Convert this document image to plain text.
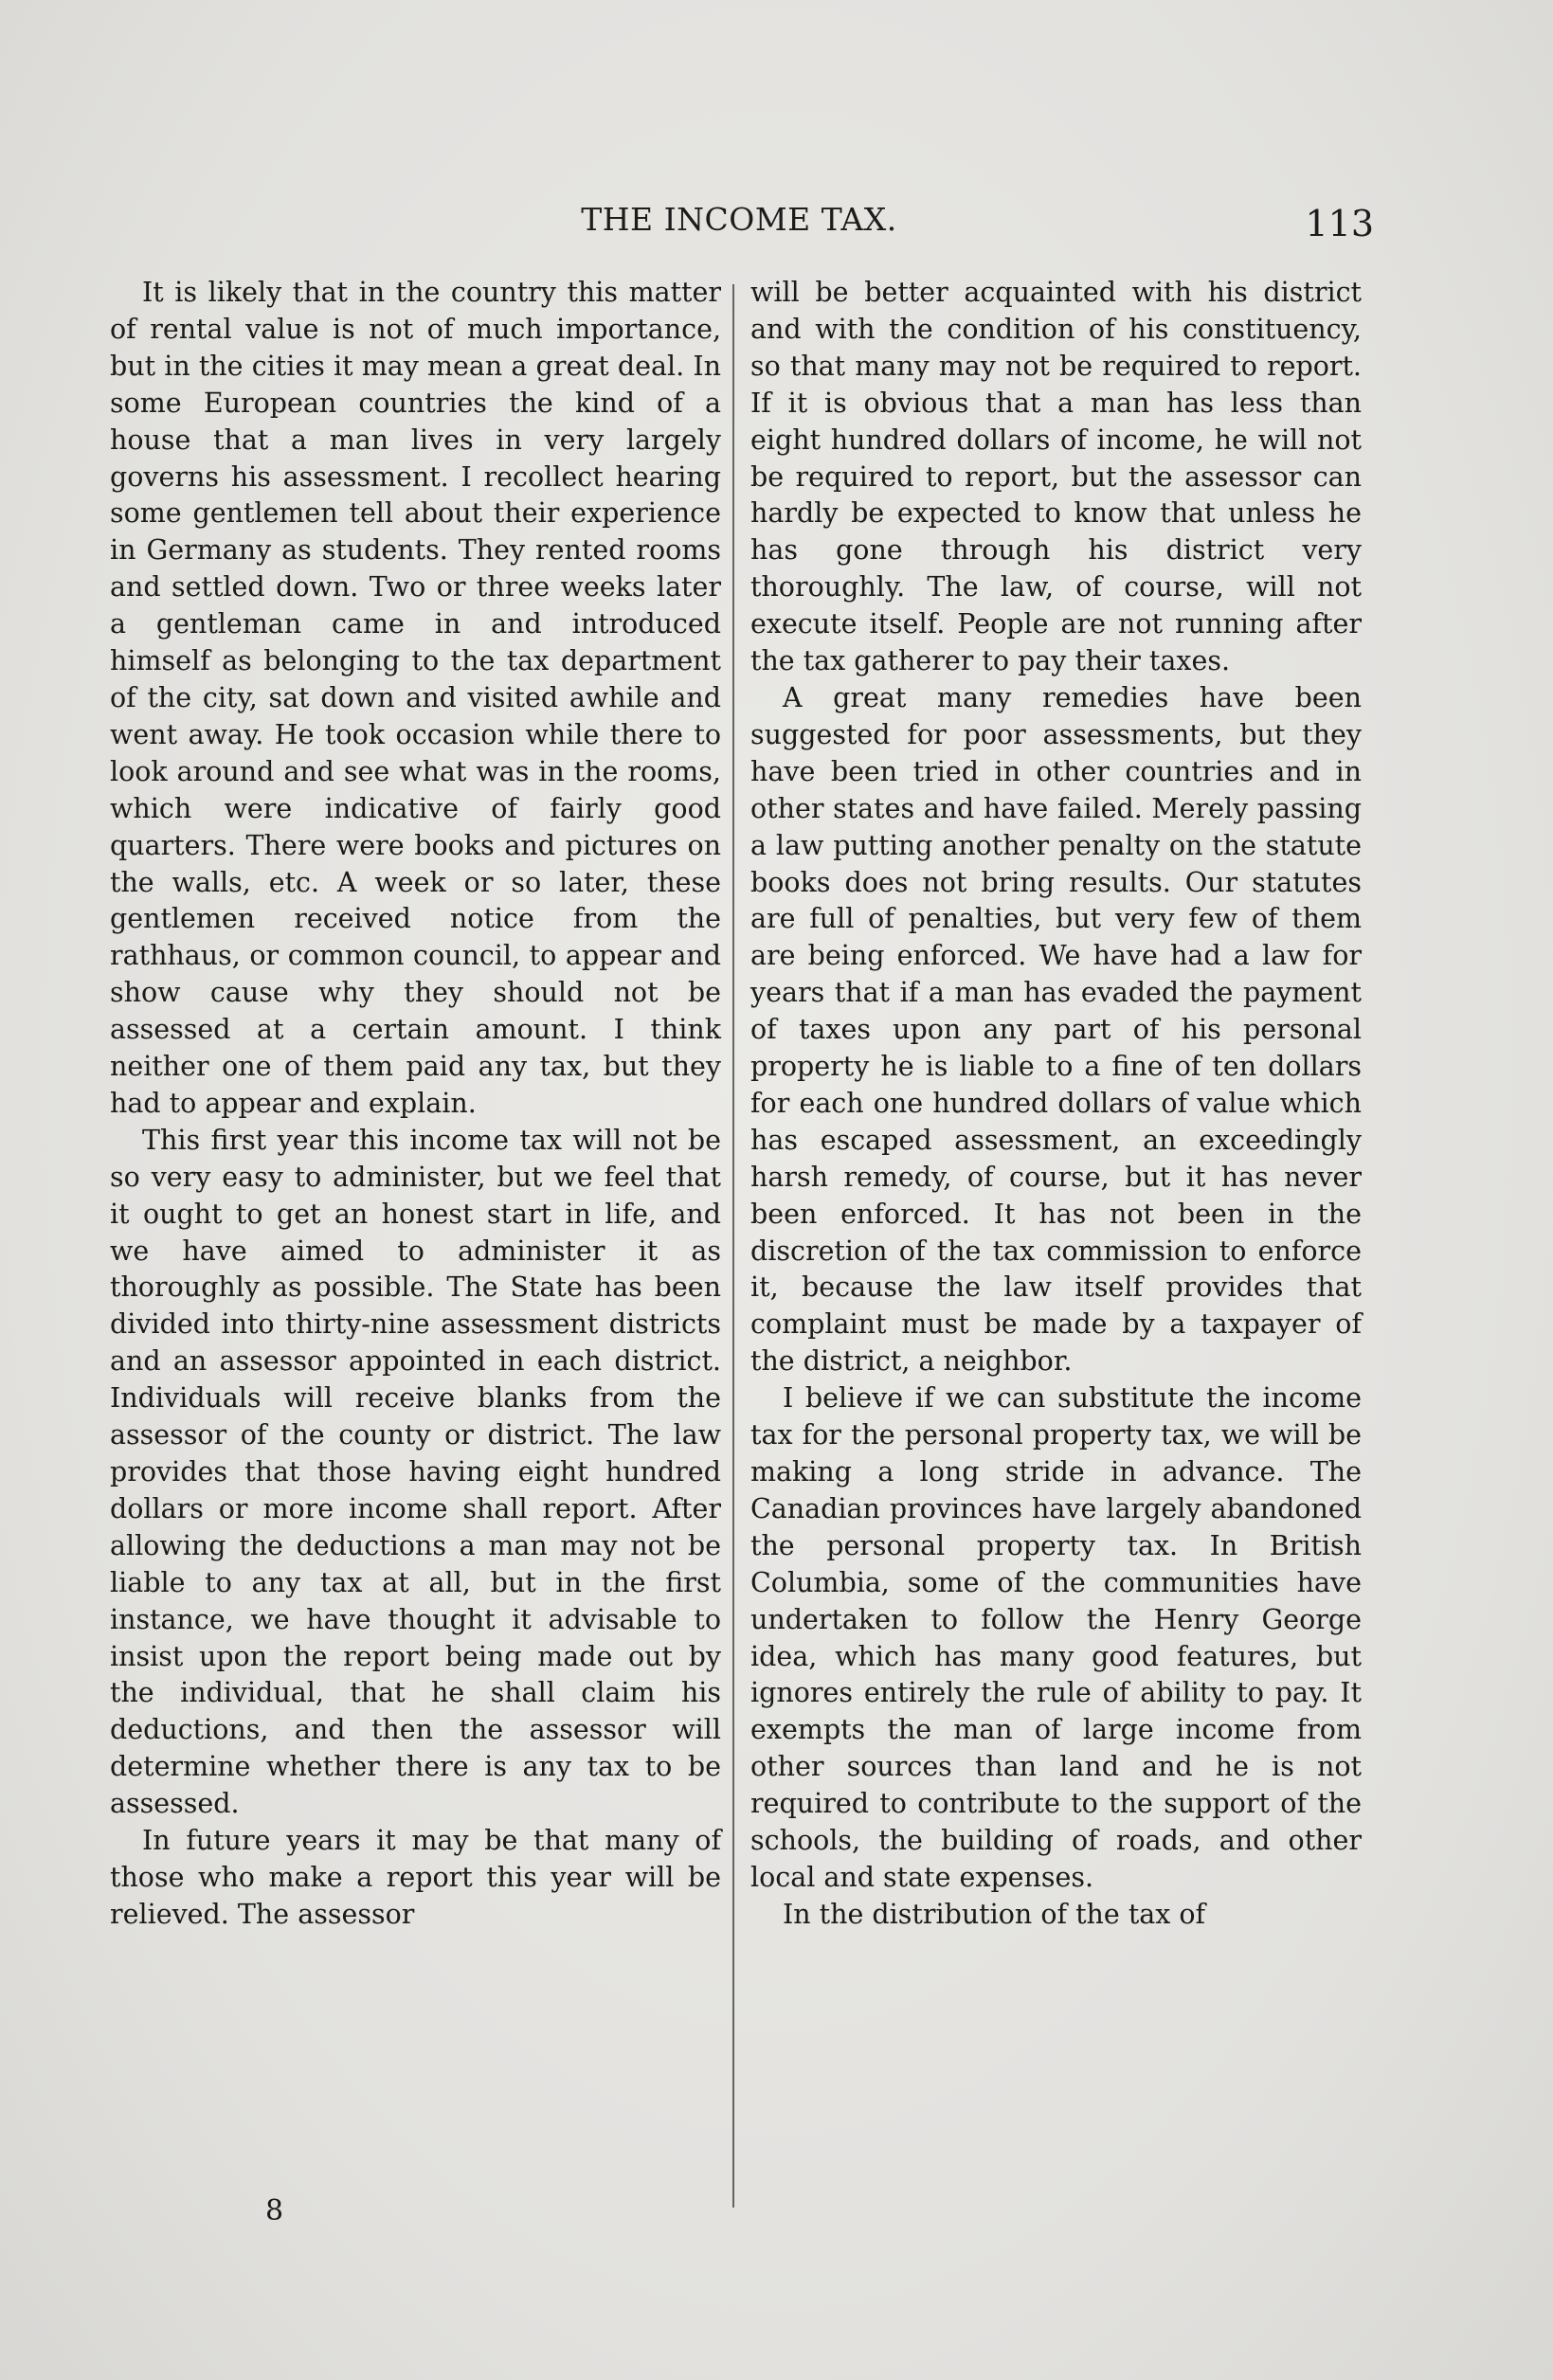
THE INCOME TAX.	113

It is likely that in the country this matter of rental value is not of much importance, but in the cities it may mean a great deal. In some European countries the kind of a house that a man lives in very largely governs his assessment. I recollect hearing some gentlemen tell about their experience in Germany as students. They rented rooms and settled down. Two or three weeks later a gentleman came in and introduced himself as belonging to the tax department of the city, sat down and visited awhile and went away. He took occasion while there to look around and see what was in the rooms, which were indicative of fairly good quarters. There were books and pictures on the walls, etc. A week or so later, these gentlemen received notice from the rathhaus, or common council, to appear and show cause why they should not be assessed at a certain amount. I think neither one of them paid any tax, but they had to appear and explain.

This first year this income tax will not be so very easy to administer, but we feel that it ought to get an honest start in life, and we have aimed to administer it as thoroughly as possible. The State has been divided into thirty-nine assessment districts and an assessor appointed in each district. Individuals will receive blanks from the assessor of the county or district. The law provides that those having eight hundred dollars or more income shall report. After allowing the deductions a man may not be liable to any tax at all, but in the first instance, we have thought it advisable to insist upon the report being made out by the individual, that he shall claim his deductions, and then the assessor will determine whether there is any tax to be assessed.

In future years it may be that many of those who make a report this year will be relieved. The assessor

will be better acquainted with his district and with the condition of his constituency, so that many may not be required to report. If it is obvious that a man has less than eight hundred dollars of income, he will not be required to report, but the assessor can hardly be expected to know that unless he has gone through his district very thoroughly. The law, of course, will not execute itself. People are not running after the tax gatherer to pay their taxes.

A great many remedies have been suggested for poor assessments, but they have been tried in other countries and in other states and have failed. Merely passing a law putting another penalty on the statute books does not bring results. Our statutes are full of penalties, but very few of them are being enforced. We have had a law for years that if a man has evaded the payment of taxes upon any part of his personal property he is liable to a fine of ten dollars for each one hundred dollars of value which has escaped assessment, an exceedingly harsh remedy, of course, but it has never been enforced. It has not been in the discretion of the tax commission to enforce it, because the law itself provides that complaint must be made by a taxpayer of the district, a neighbor.

I believe if we can substitute the income tax for the personal property tax, we will be making a long stride in advance. The Canadian provinces have largely abandoned the personal property tax. In British Columbia, some of the communities have undertaken to follow the Henry George idea, which has many good features, but ignores entirely the rule of ability to pay. It exempts the man of large income from other sources than land and he is not required to contribute to the support of the schools, the building of roads, and other local and state expenses.

In the distribution of the tax of

8
